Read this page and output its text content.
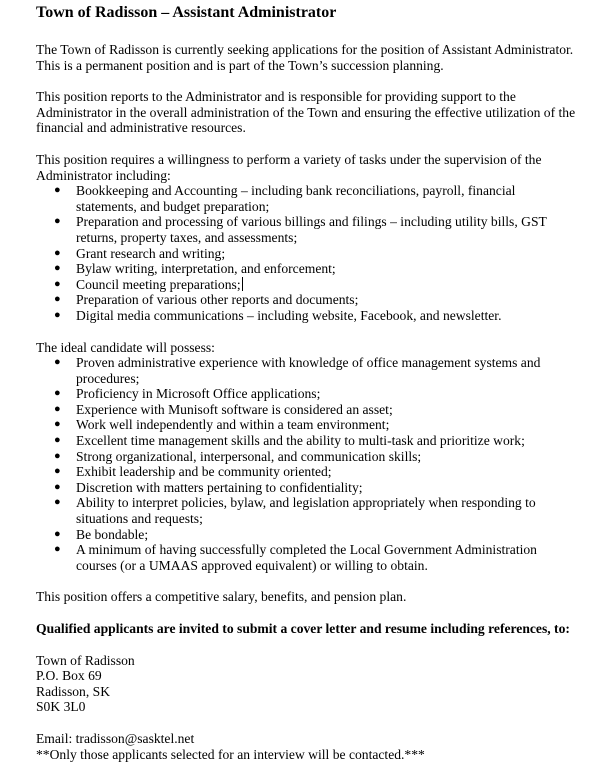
Town of Radisson – Assistant Administrator

The Town of Radisson is currently seeking applications for the position of Assistant Administrator. This is a permanent position and is part of the Town’s succession planning.

This position reports to the Administrator and is responsible for providing support to the Administrator in the overall administration of the Town and ensuring the effective utilization of the financial and administrative resources.

This position requires a willingness to perform a variety of tasks under the supervision of the Administrator including:

● Bookkeeping and Accounting – including bank reconciliations, payroll, financial statements, and budget preparation;
● Preparation and processing of various billings and filings – including utility bills, GST returns, property taxes, and assessments;
● Grant research and writing;
● Bylaw writing, interpretation, and enforcement;
● Council meeting preparations;
● Preparation of various other reports and documents;
● Digital media communications – including website, Facebook, and newsletter.

The ideal candidate will possess:

● Proven administrative experience with knowledge of office management systems and procedures;
● Proficiency in Microsoft Office applications;
● Experience with Munisoft software is considered an asset;
● Work well independently and within a team environment;
● Excellent time management skills and the ability to multi-task and prioritize work;
● Strong organizational, interpersonal, and communication skills;
● Exhibit leadership and be community oriented;
● Discretion with matters pertaining to confidentiality;
● Ability to interpret policies, bylaw, and legislation appropriately when responding to situations and requests;
● Be bondable;
● A minimum of having successfully completed the Local Government Administration courses (or a UMAAS approved equivalent) or willing to obtain.

This position offers a competitive salary, benefits, and pension plan.

Qualified applicants are invited to submit a cover letter and resume including references, to:

Town of Radisson

P.O. Box 69

Radisson, SK

S0K 3L0

Email: tradisson@sasktel.net

**Only those applicants selected for an interview will be contacted.***
